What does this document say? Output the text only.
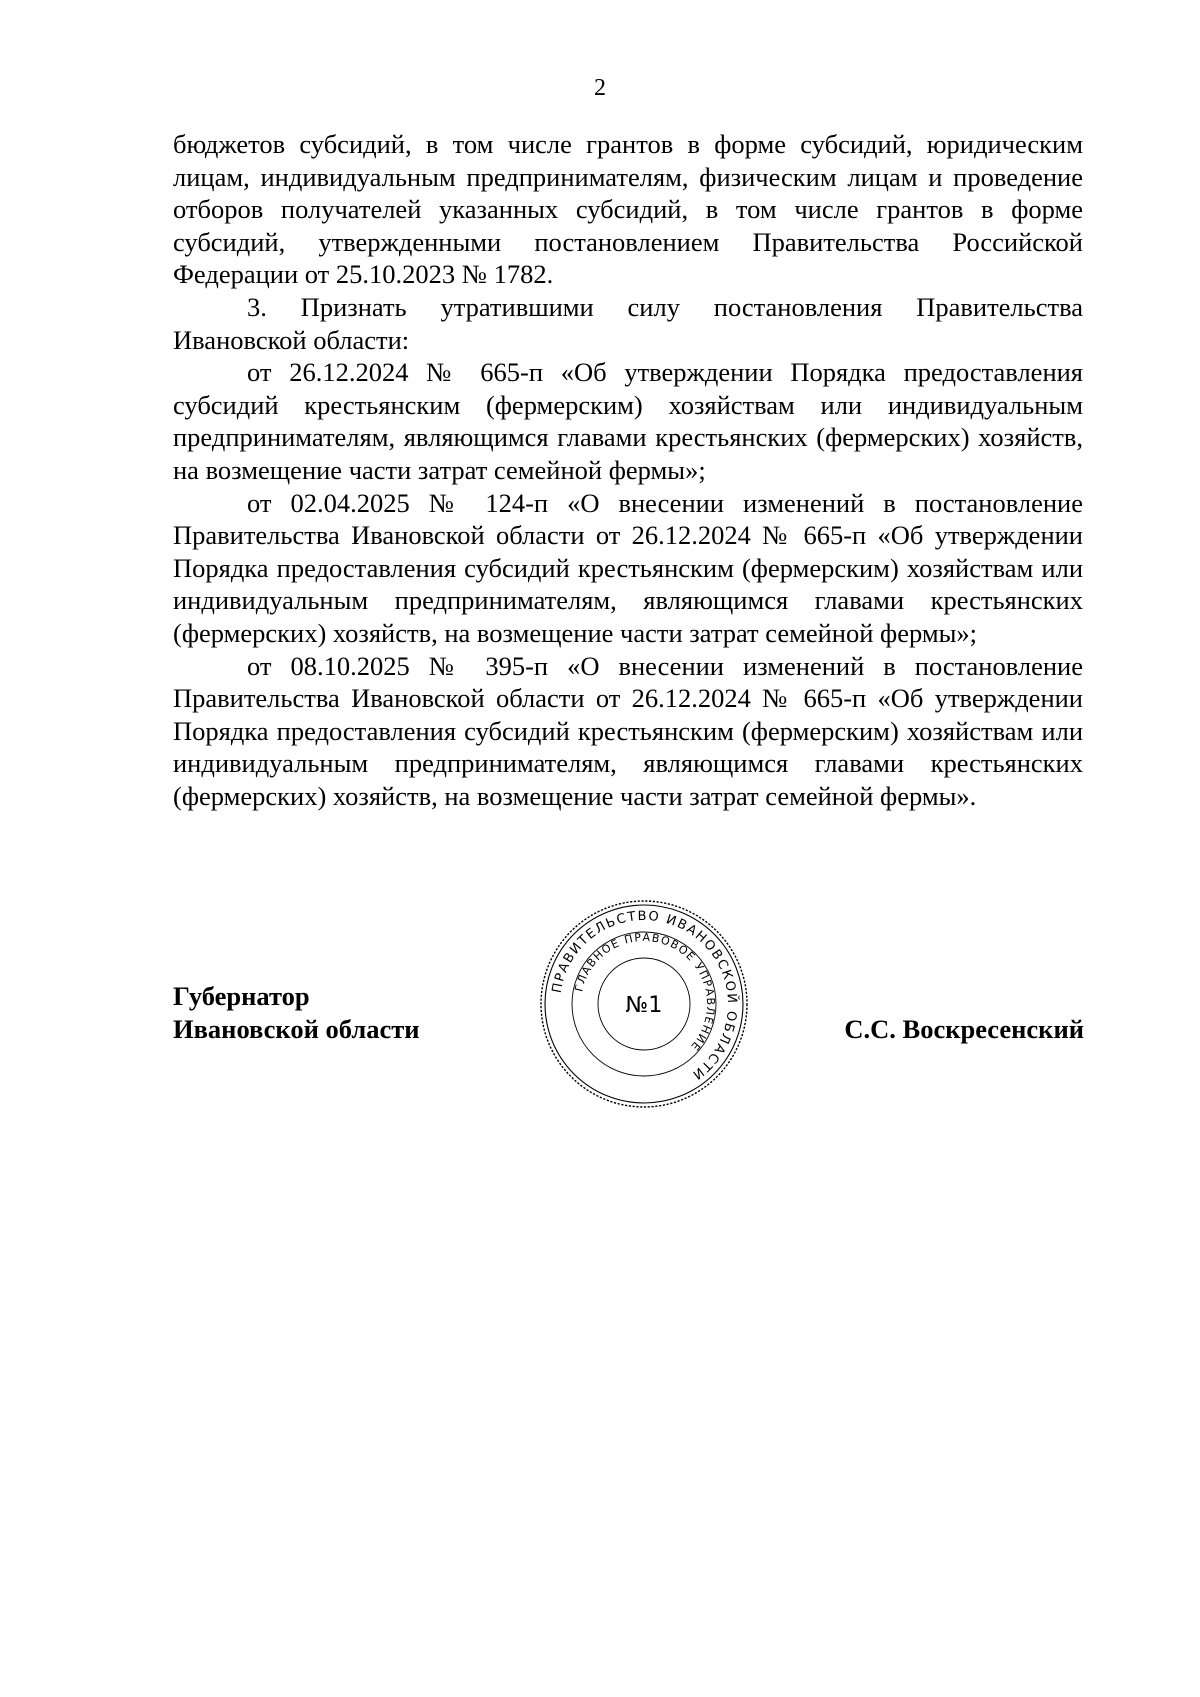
2

бюджетов субсидий, в том числе грантов в форме субсидий, юридическим лицам, индивидуальным предпринимателям, физическим лицам и проведение отборов получателей указанных субсидий, в том числе грантов в форме субсидий, утвержденными постановлением Правительства Российской Федерации от 25.10.2023 № 1782.

3. Признать утратившими силу постановления Правительства Ивановской области:

от 26.12.2024 № 665-п «Об утверждении Порядка предоставления субсидий крестьянским (фермерским) хозяйствам или индивидуальным предпринимателям, являющимся главами крестьянских (фермерских) хозяйств, на возмещение части затрат семейной фермы»;

от 02.04.2025 № 124-п «О внесении изменений в постановление Правительства Ивановской области от 26.12.2024 № 665-п «Об утверждении Порядка предоставления субсидий крестьянским (фермерским) хозяйствам или индивидуальным предпринимателям, являющимся главами крестьянских (фермерских) хозяйств, на возмещение части затрат семейной фермы»;

от 08.10.2025 № 395-п «О внесении изменений в постановление Правительства Ивановской области от 26.12.2024 № 665-п «Об утверждении Порядка предоставления субсидий крестьянским (фермерским) хозяйствам или индивидуальным предпринимателям, являющимся главами крестьянских (фермерских) хозяйств, на возмещение части затрат семейной фермы».

Губернатор
Ивановской области
ПРАВИТЕЛЬСТВО ИВАНОВСКОЙ ОБЛАСТИ
ГЛАВНОЕ ПРАВОВОЕ УПРАВЛЕНИЕ
№1
С.С. Воскресенский
